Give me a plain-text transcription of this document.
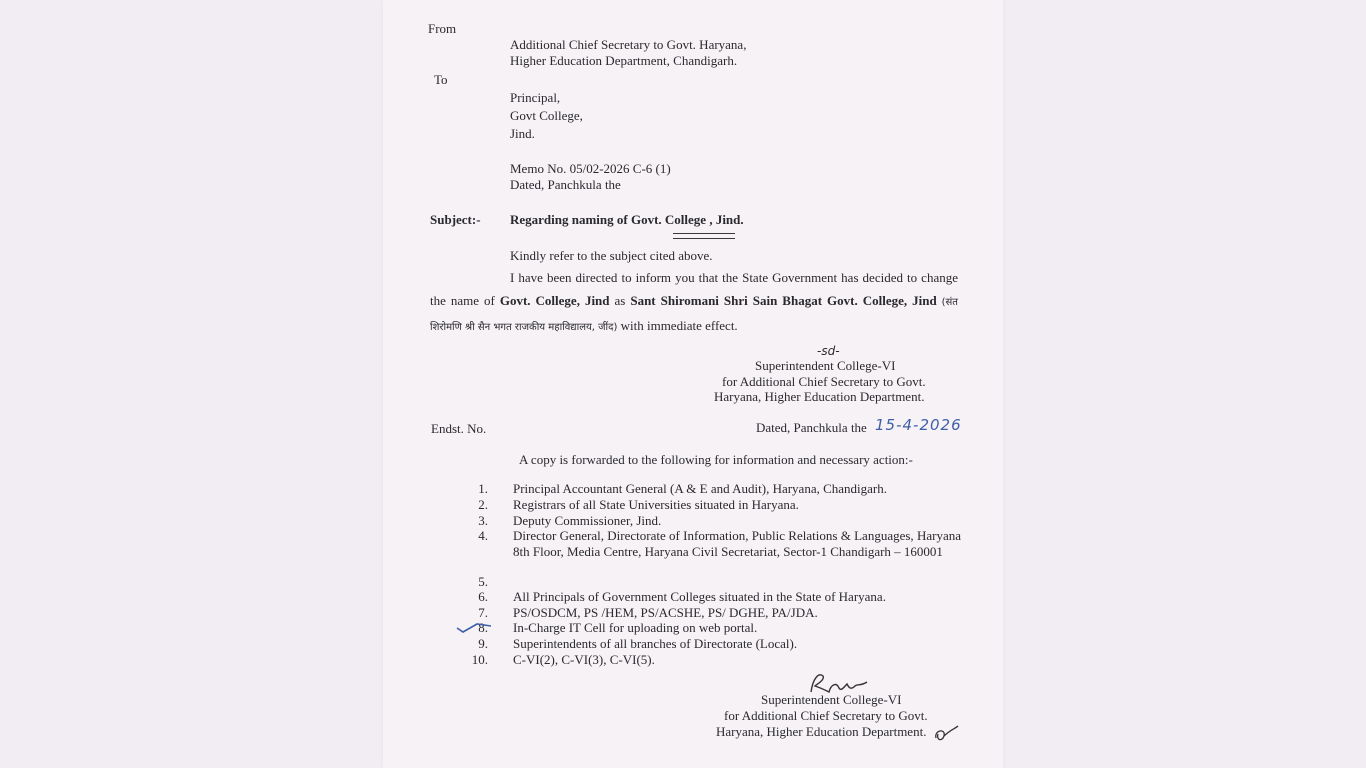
From
Additional Chief Secretary to Govt. Haryana,
Higher Education Department, Chandigarh.
To
Principal,
Govt College,
Jind.
Memo No. 05/02-2026 C-6 (1)
Dated, Panchkula the
Subject:- Regarding naming of Govt. College , Jind.
Kindly refer to the subject cited above.
I have been directed to inform you that the State Government has decided to change the name of Govt. College, Jind as Sant Shiromani Shri Sain Bhagat Govt. College, Jind (संत शिरोमणि श्री सैन भगत राजकीय महाविद्यालय, जींद) with immediate effect.
-sd-
Superintendent College-VI
for Additional Chief Secretary to Govt.
Haryana, Higher Education Department.
Endst. No.	Dated, Panchkula the 15-4-2026
A copy is forwarded to the following for information and necessary action:-
1. Principal Accountant General (A & E and Audit), Haryana, Chandigarh.
2. Registrars of all State Universities situated in Haryana.
3. Deputy Commissioner, Jind.
4. Director General, Directorate of Information, Public Relations & Languages, Haryana 8th Floor, Media Centre, Haryana Civil Secretariat, Sector-1 Chandigarh – 160001
5.
6. All Principals of Government Colleges situated in the State of Haryana.
7. PS/OSDCM, PS /HEM, PS/ACSHE, PS/ DGHE, PA/JDA.
8. In-Charge IT Cell for uploading on web portal.
9. Superintendents of all branches of Directorate (Local).
10. C-VI(2), C-VI(3), C-VI(5).
Superintendent College-VI
for Additional Chief Secretary to Govt.
Haryana, Higher Education Department.
